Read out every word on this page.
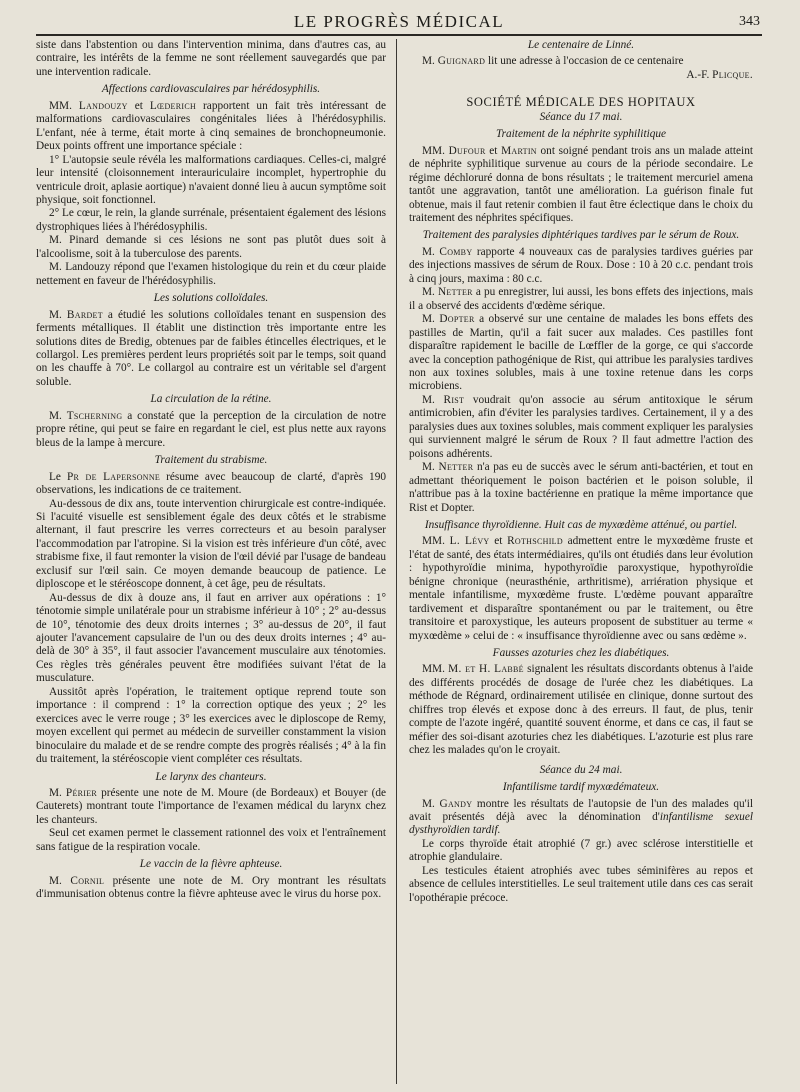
LE PROGRÈS MÉDICAL	343

siste dans l'abstention ou dans l'intervention minima, dans d'autres cas, au contraire, les intérêts de la femme ne sont réellement sauvegardés que par une intervention radicale.

Affections cardiovasculaires par hérédosyphilis.

MM. Landouzy et Lœderich rapportent un fait très intéressant de malformations cardiovasculaires congénitales liées à l'hérédosyphilis. L'enfant, née à terme, était morte à cinq semaines de bronchopneumonie. Deux points offrent une importance spéciale :

1° L'autopsie seule révéla les malformations cardiaques. Celles-ci, malgré leur intensité (cloisonnement interauriculaire incomplet, hypertrophie du ventricule droit, aplasie aortique) n'avaient donné lieu à aucun symptôme soit physique, soit fonctionnel.

2° Le cœur, le rein, la glande surrénale, présentaient également des lésions dystrophiques liées à l'hérédosyphilis.

M. Pinard demande si ces lésions ne sont pas plutôt dues soit à l'alcoolisme, soit à la tuberculose des parents.

M. Landouzy répond que l'examen histologique du rein et du cœur plaide nettement en faveur de l'hérédosyphilis.

Les solutions colloïdales.

M. Bardet a étudié les solutions colloïdales tenant en suspension des ferments métalliques. Il établit une distinction très importante entre les solutions dites de Bredig, obtenues par de faibles étincelles électriques, et le collargol. Les premières perdent leurs propriétés soit par le temps, soit quand on les chauffe à 70°. Le collargol au contraire est un véritable sel d'argent soluble.

La circulation de la rétine.

M. Tscherning a constaté que la perception de la circulation de notre propre rétine, qui peut se faire en regardant le ciel, est plus nette aux rayons bleus de la lampe à mercure.

Traitement du strabisme.

Le Pr de Lapersonne résume avec beaucoup de clarté, d'après 190 observations, les indications de ce traitement.

Au-dessous de dix ans, toute intervention chirurgicale est contre-indiquée. Si l'acuité visuelle est sensiblement égale des deux côtés et le strabisme alternant, il faut prescrire les verres correcteurs et au besoin paralyser l'accommodation par l'atropine. Si la vision est très inférieure d'un côté, avec strabisme fixe, il faut remonter la vision de l'œil dévié par l'usage de bandeau exclusif sur l'œil sain. Ce moyen demande beaucoup de patience. Le diploscope et le stéréoscope donnent, à cet âge, peu de résultats.

Au-dessus de dix à douze ans, il faut en arriver aux opérations : 1° ténotomie simple unilatérale pour un strabisme inférieur à 10° ; 2° au-dessus de 10°, ténotomie des deux droits internes ; 3° au-dessus de 20°, il faut ajouter l'avancement capsulaire de l'un ou des deux droits internes ; 4° au-delà de 30° à 35°, il faut associer l'avancement musculaire aux ténotomies. Ces règles très générales peuvent être modifiées suivant l'état de la musculature.

Aussitôt après l'opération, le traitement optique reprend toute son importance : il comprend : 1° la correction optique des yeux ; 2° les exercices avec le verre rouge ; 3° les exercices avec le diploscope de Remy, moyen excellent qui permet au médecin de surveiller constamment la vision binoculaire du malade et de se rendre compte des progrès réalisés ; 4° à la fin du traitement, la stéréoscopie vient compléter ces résultats.

Le larynx des chanteurs.

M. Périer présente une note de M. Moure (de Bordeaux) et Bouyer (de Cauterets) montrant toute l'importance de l'examen médical du larynx chez les chanteurs.

Seul cet examen permet le classement rationnel des voix et l'entraînement sans fatigue de la respiration vocale.

Le vaccin de la fièvre aphteuse.

M. Cornil présente une note de M. Ory montrant les résultats d'immunisation obtenus contre la fièvre aphteuse avec le virus du horse pox.

Le centenaire de Linné.

M. Guignard lit une adresse à l'occasion de ce centenaire

A.-F. Plicque.
SOCIÉTÉ MÉDICALE DES HOPITAUX
Séance du 17 mai.
Traitement de la néphrite syphilitique

MM. Dufour et Martin ont soigné pendant trois ans un malade atteint de néphrite syphilitique survenue au cours de la période secondaire. Le régime déchloruré donna de bons résultats ; le traitement mercuriel amena tantôt une aggravation, tantôt une amélioration. La guérison finale fut obtenue, mais il faut retenir combien il faut être éclectique dans le choix du traitement des néphrites spécifiques.

Traitement des paralysies diphtériques tardives par le sérum de Roux.

M. Comby rapporte 4 nouveaux cas de paralysies tardives guéries par des injections massives de sérum de Roux. Dose : 10 à 20 c.c. pendant trois à cinq jours, maxima : 80 c.c.

M. Netter a pu enregistrer, lui aussi, les bons effets des injections, mais il a observé des accidents d'œdème sérique.

M. Dopter a observé sur une centaine de malades les bons effets des pastilles de Martin, qu'il a fait sucer aux malades. Ces pastilles font disparaître rapidement le bacille de Lœffler de la gorge, ce qui s'accorde avec la conception pathogénique de Rist, qui attribue les paralysies tardives non aux toxines solubles, mais à une toxine retenue dans les corps microbiens.

M. Rist voudrait qu'on associe au sérum antitoxique le sérum antimicrobien, afin d'éviter les paralysies tardives. Certainement, il y a des paralysies dues aux toxines solubles, mais comment expliquer les paralysies qui surviennent malgré le sérum de Roux ? Il faut admettre l'action des poisons adhérents.

M. Netter n'a pas eu de succès avec le sérum anti-bactérien, et tout en admettant théoriquement le poison bactérien et le poison soluble, il n'attribue pas à la toxine bactérienne en pratique la même importance que Rist et Dopter.

Insuffisance thyroïdienne. Huit cas de myxœdème atténué, ou partiel.

MM. L. Lévy et Rothschild admettent entre le myxœdème fruste et l'état de santé, des états intermédiaires, qu'ils ont étudiés dans leur évolution : hypothyroïdie minima, hypothyroïdie paroxystique, hypothyroïdie bénigne chronique (neurasthénie, arthritisme), arriération physique et mentale infantilisme, myxœdème fruste. L'œdème pouvant apparaître tardivement et disparaître spontanément ou par le traitement, ou être transitoire et paroxystique, les auteurs proposent de substituer au terme « myxœdème » celui de : « insuffisance thyroïdienne avec ou sans œdème ».

Fausses azoturies chez les diabétiques.

MM. M. et H. Labbé signalent les résultats discordants obtenus à l'aide des différents procédés de dosage de l'urée chez les diabétiques. La méthode de Régnard, ordinairement utilisée en clinique, donne surtout des chiffres trop élevés et expose donc à des erreurs. Il faut, de plus, tenir compte de l'azote ingéré, quantité souvent énorme, et dans ce cas, il faut se méfier des soi-disant azoturies chez les diabétiques. L'azoturie est plus rare chez les malades qu'on le croyait.

Séance du 24 mai.
Infantilisme tardif myxœdémateux.

M. Gandy montre les résultats de l'autopsie de l'un des malades qu'il avait présentés déjà avec la dénomination d'infantilisme sexuel dysthyroïdien tardif.

Le corps thyroïde était atrophié (7 gr.) avec sclérose interstitielle et atrophie glandulaire.

Les testicules étaient atrophiés avec tubes séminifères au repos et absence de cellules interstitielles. Le seul traitement utile dans ces cas serait l'opothérapie précoce.
